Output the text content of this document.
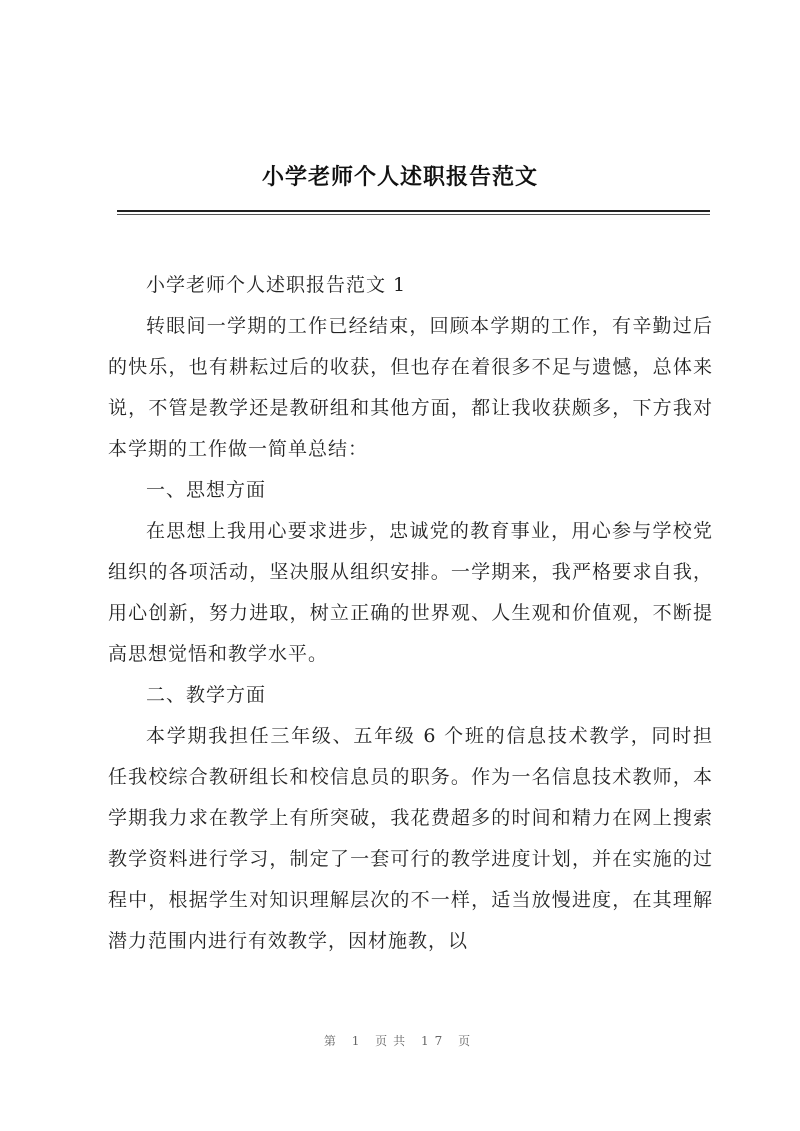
小学老师个人述职报告范文

小学老师个人述职报告范文 1

转眼间一学期的工作已经结束，回顾本学期的工作，有辛勤过后的快乐，也有耕耘过后的收获，但也存在着很多不足与遗憾，总体来说，不管是教学还是教研组和其他方面，都让我收获颇多，下方我对本学期的工作做一简单总结：

一、思想方面

在思想上我用心要求进步，忠诚党的教育事业，用心参与学校党组织的各项活动，坚决服从组织安排。一学期来，我严格要求自我，用心创新，努力进取，树立正确的世界观、人生观和价值观，不断提高思想觉悟和教学水平。

二、教学方面

本学期我担任三年级、五年级 6 个班的信息技术教学，同时担任我校综合教研组长和校信息员的职务。作为一名信息技术教师，本学期我力求在教学上有所突破，我花费超多的时间和精力在网上搜索教学资料进行学习，制定了一套可行的教学进度计划，并在实施的过程中，根据学生对知识理解层次的不一样，适当放慢进度，在其理解潜力范围内进行有效教学，因材施教，以

第 1 页共 17 页
